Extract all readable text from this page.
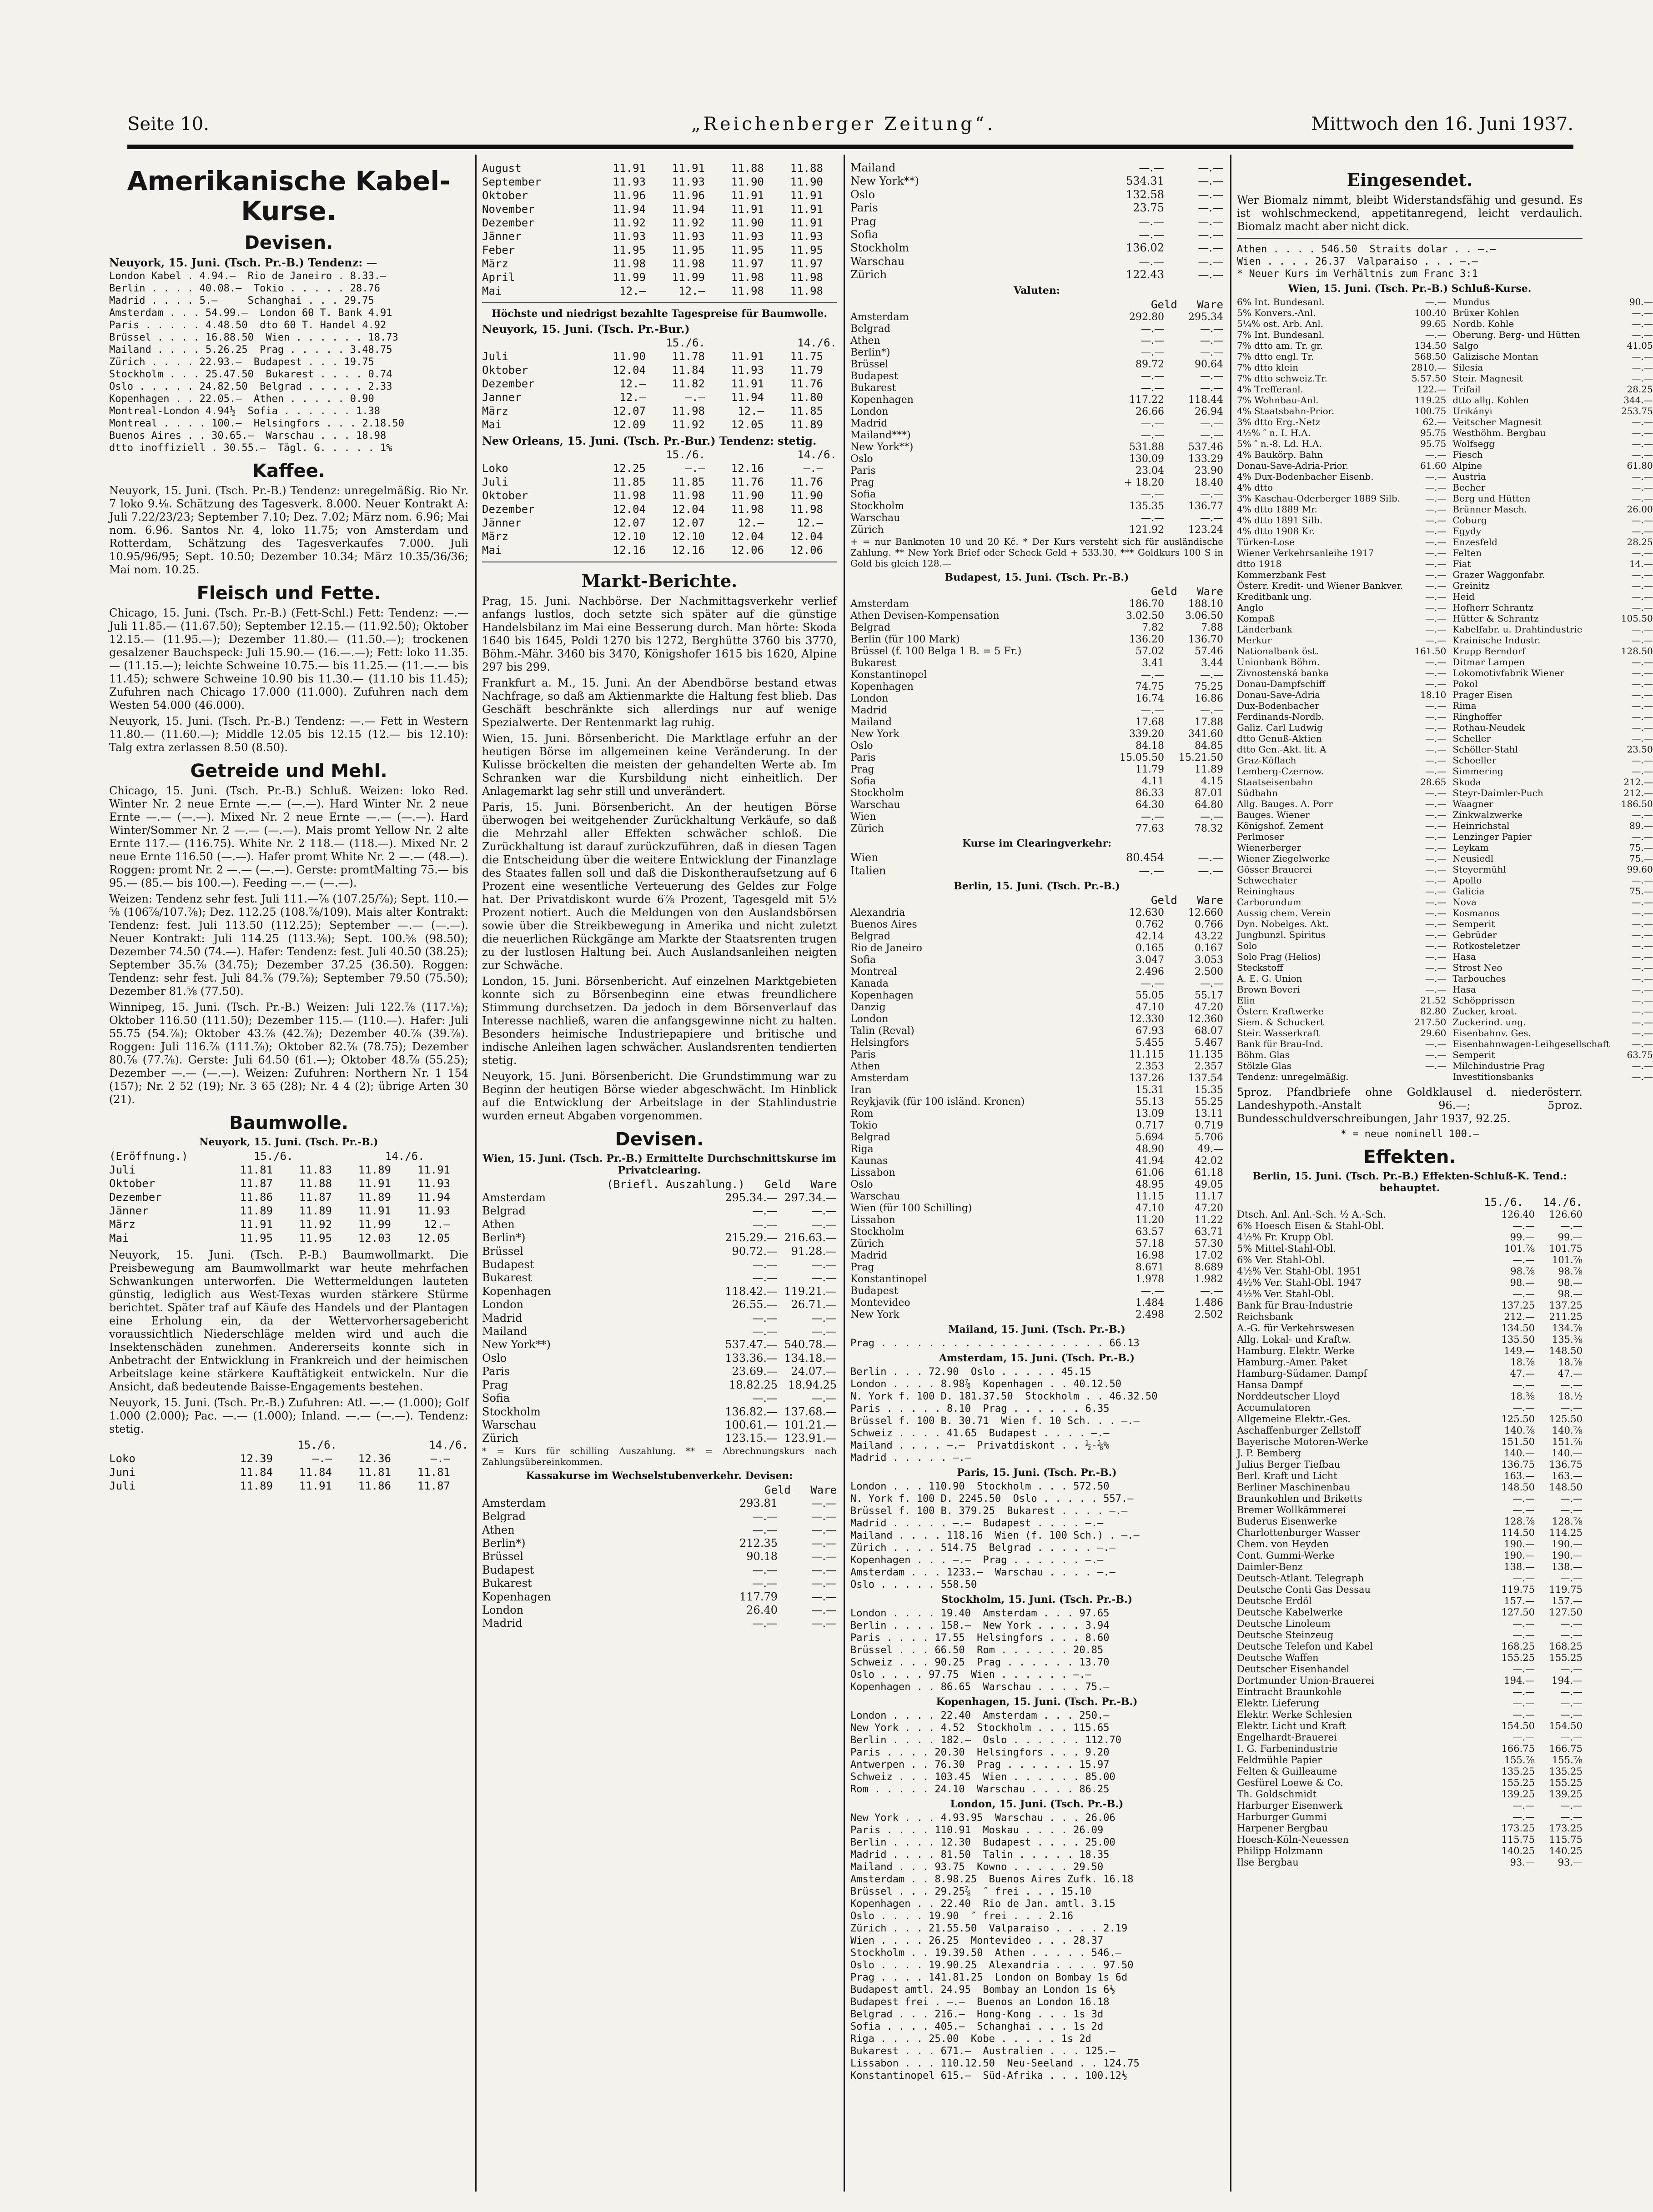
Seite 10.	„Reichenberger Zeitung“.	Mittwoch den 16. Juni 1937.
Amerikanische Kabel-Kurse.
Devisen.
Neuyork, 15. Juni. (Tsch. Pr.-B.) Tendenz: —
London Kabel . 4.94.—  Rio de Janeiro . 8.33.—
Berlin . . . . 40.08.—  Tokio . . . . . 28.76
Madrid . . . . 5.—     Schanghai . . . 29.75
Amsterdam . . . 54.99.—  London 60 T. Bank 4.91
Paris . . . . . 4.48.50  dto 60 T. Handel 4.92
Brüssel . . . . 16.88.50  Wien . . . . . . 18.73
Mailand . . . . 5.26.25  Prag . . . . . 3.48.75
Zürich . . . . 22.93.—  Budapest . . . 19.75
Stockholm . . . 25.47.50  Bukarest . . . . 0.74
Oslo . . . . . 24.82.50  Belgrad . . . . . 2.33
Kopenhagen . . 22.05.—  Athen . . . . . 0.90
Montreal-London 4.94½  Sofia . . . . . . 1.38
Montreal . . . . 100.—  Helsingfors . . . 2.18.50
Buenos Aires . . 30.65.—  Warschau . . . 18.98
dtto inoffiziell . 30.55.—  Tägl. G. . . . . 1%
Kaffee.

Neuyork, 15. Juni. (Tsch. Pr.-B.) Tendenz: unregelmäßig. Rio Nr. 7 loko 9.⅛. Schätzung des Tagesverk. 8.000. Neuer Kontrakt A: Juli 7.22/23/23; September 7.10; Dez. 7.02; März nom. 6.96; Mai nom. 6.96. Santos Nr. 4, loko 11.75; von Amsterdam und Rotterdam, Schätzung des Tagesverkaufes 7.000. Juli 10.95/96/95; Sept. 10.50; Dezember 10.34; März 10.35/36/36; Mai nom. 10.25.

Fleisch und Fette.

Chicago, 15. Juni. (Tsch. Pr.-B.) (Fett-Schl.) Fett: Tendenz: —.— Juli 11.85.— (11.67.50); September 12.15.— (11.92.50); Oktober 12.15.— (11.95.—); Dezember 11.80.— (11.50.—); trockenen gesalzener Bauchspeck: Juli 15.90.— (16.—.—); Fett: loko 11.35.— (11.15.—); leichte Schweine 10.75.— bis 11.25.— (11.—.— bis 11.45); schwere Schweine 10.90 bis 11.30.— (11.10 bis 11.45); Zufuhren nach Chicago 17.000 (11.000). Zufuhren nach dem Westen 54.000 (46.000).

Neuyork, 15. Juni. (Tsch. Pr.-B.) Tendenz: —.— Fett in Western 11.80.— (11.60.—); Middle 12.05 bis 12.15 (12.— bis 12.10): Talg extra zerlassen 8.50 (8.50).

Getreide und Mehl.

Chicago, 15. Juni. (Tsch. Pr.-B.) Schluß. Weizen: loko Red. Winter Nr. 2 neue Ernte —.— (—.—). Hard Winter Nr. 2 neue Ernte —.— (—.—). Mixed Nr. 2 neue Ernte —.— (—.—). Hard Winter/Sommer Nr. 2 —.— (—.—). Mais promt Yellow Nr. 2 alte Ernte 117.— (116.75). White Nr. 2 118.— (118.—). Mixed Nr. 2 neue Ernte 116.50 (—.—). Hafer promt White Nr. 2 —.— (48.—). Roggen: promt Nr. 2 —.— (—.—). Gerste: promtMalting 75.— bis 95.— (85.— bis 100.—). Feeding —.— (—.—).

Weizen: Tendenz sehr fest. Juli 111.—⅞ (107.25/⅞); Sept. 110.—⅝ (106⅞/107.⅞); Dez. 112.25 (108.⅞/109). Mais alter Kontrakt: Tendenz: fest. Juli 113.50 (112.25); September —.— (—.—). Neuer Kontrakt: Juli 114.25 (113.⅜); Sept. 100.⅝ (98.50); Dezember 74.50 (74.—). Hafer: Tendenz: fest. Juli 40.50 (38.25); September 35.⅞ (34.75); Dezember 37.25 (36.50). Roggen: Tendenz: sehr fest. Juli 84.⅞ (79.⅞); September 79.50 (75.50); Dezember 81.⅝ (77.50).

Winnipeg, 15. Juni. (Tsch. Pr.-B.) Weizen: Juli 122.⅞ (117.⅛); Oktober 116.50 (111.50); Dezember 115.— (110.—). Hafer: Juli 55.75 (54.⅞); Oktober 43.⅞ (42.⅞); Dezember 40.⅞ (39.⅞). Roggen: Juli 116.⅞ (111.⅞); Oktober 82.⅞ (78.75); Dezember 80.⅞ (77.⅞). Gerste: Juli 64.50 (61.—); Oktober 48.⅞ (55.25); Dezember —.— (—.—). Weizen: Zufuhren: Northern Nr. 1 154 (157); Nr. 2 52 (19); Nr. 3 65 (28); Nr. 4 4 (2); übrige Arten 30 (21).

Baumwolle.
Neuyork, 15. Juni. (Tsch. Pr.-B.)
(Eröffnung.)          15./6.              14./6.
Juli	11.81	11.83	11.89	11.91
Oktober	11.87	11.88	11.91	11.93
Dezember	11.86	11.87	11.89	11.94
Jänner	11.89	11.89	11.91	11.93
März	11.91	11.92	11.99	12.—
Mai	11.95	11.95	12.03	12.05

Neuyork, 15. Juni. (Tsch. P.-B.) Baumwollmarkt. Die Preisbewegung am Baumwollmarkt war heute mehrfachen Schwankungen unterworfen. Die Wettermeldungen lauteten günstig, lediglich aus West-Texas wurden stärkere Stürme berichtet. Später traf auf Käufe des Handels und der Plantagen eine Erholung ein, da der Wettervorhersagebericht voraussichtlich Niederschläge melden wird und auch die Insektenschäden zunehmen. Andererseits konnte sich in Anbetracht der Entwicklung in Frankreich und der heimischen Arbeitslage keine stärkere Kauftätigkeit entwickeln. Nur die Ansicht, daß bedeutende Baisse-Engagements bestehen.

Neuyork, 15. Juni. (Tsch. Pr.-B.) Zufuhren: Atl. —.— (1.000); Golf 1.000 (2.000); Pac. —.— (1.000); Inland. —.— (—.—). Tendenz: stetig.

15./6.              14./6.
Loko	12.39	—.—	12.36	—.—
Juni	11.84	11.84	11.81	11.81
Juli	11.89	11.91	11.86	11.87
August	11.91	11.91	11.88	11.88
September	11.93	11.93	11.90	11.90
Oktober	11.96	11.96	11.91	11.91
November	11.94	11.94	11.91	11.91
Dezember	11.92	11.92	11.90	11.91
Jänner	11.93	11.93	11.93	11.93
Feber	11.95	11.95	11.95	11.95
März	11.98	11.98	11.97	11.97
April	11.99	11.99	11.98	11.98
Mai	12.—	12.—	11.98	11.98
Höchste und niedrigst bezahlte Tagespreise für Baumwolle.
Neuyork, 15. Juni. (Tsch. Pr.-Bur.)
15./6.              14./6.
Juli	11.90	11.78	11.91	11.75
Oktober	12.04	11.84	11.93	11.79
Dezember	12.—	11.82	11.91	11.76
Janner	12.—	—.—	11.94	11.80
März	12.07	11.98	12.—	11.85
Mai	12.09	11.92	12.05	11.89
New Orleans, 15. Juni. (Tsch. Pr.-Bur.) Tendenz: stetig.
15./6.              14./6.
Loko	12.25	—.—	12.16	—.—
Juli	11.85	11.85	11.76	11.76
Oktober	11.98	11.98	11.90	11.90
Dezember	12.04	12.04	11.98	11.98
Jänner	12.07	12.07	12.—	12.—
März	12.10	12.10	12.04	12.04
Mai	12.16	12.16	12.06	12.06
Markt-Berichte.

Prag, 15. Juni. Nachbörse. Der Nachmittagsverkehr verlief anfangs lustlos, doch setzte sich später auf die günstige Handelsbilanz im Mai eine Besserung durch. Man hörte: Skoda 1640 bis 1645, Poldi 1270 bis 1272, Berghütte 3760 bis 3770, Böhm.-Mähr. 3460 bis 3470, Königshofer 1615 bis 1620, Alpine 297 bis 299.

Frankfurt a. M., 15. Juni. An der Abendbörse bestand etwas Nachfrage, so daß am Aktienmarkte die Haltung fest blieb. Das Geschäft beschränkte sich allerdings nur auf wenige Spezialwerte. Der Rentenmarkt lag ruhig.

Wien, 15. Juni. Börsenbericht. Die Marktlage erfuhr an der heutigen Börse im allgemeinen keine Veränderung. In der Kulisse bröckelten die meisten der gehandelten Werte ab. Im Schranken war die Kursbildung nicht einheitlich. Der Anlagemarkt lag sehr still und unverändert.

Paris, 15. Juni. Börsenbericht. An der heutigen Börse überwogen bei weitgehender Zurückhaltung Verkäufe, so daß die Mehrzahl aller Effekten schwächer schloß. Die Zurückhaltung ist darauf zurückzuführen, daß in diesen Tagen die Entscheidung über die weitere Entwicklung der Finanzlage des Staates fallen soll und daß die Diskontheraufsetzung auf 6 Prozent eine wesentliche Verteuerung des Geldes zur Folge hat. Der Privatdiskont wurde 6⅞ Prozent, Tagesgeld mit 5½ Prozent notiert. Auch die Meldungen von den Auslandsbörsen sowie über die Streikbewegung in Amerika und nicht zuletzt die neuerlichen Rückgänge am Markte der Staatsrenten trugen zu der lustlosen Haltung bei. Auch Auslandsanleihen neigten zur Schwäche.

London, 15. Juni. Börsenbericht. Auf einzelnen Marktgebieten konnte sich zu Börsenbeginn eine etwas freundlichere Stimmung durchsetzen. Da jedoch in dem Börsenverlauf das Interesse nachließ, waren die anfangsgewinne nicht zu halten. Besonders heimische Industriepapiere und britische und indische Anleihen lagen schwächer. Auslandsrenten tendierten stetig.

Neuyork, 15. Juni. Börsenbericht. Die Grundstimmung war zu Beginn der heutigen Börse wieder abgeschwächt. Im Hinblick auf die Entwicklung der Arbeitslage in der Stahlindustrie wurden erneut Abgaben vorgenommen.

Devisen.
Wien, 15. Juni. (Tsch. Pr.-B.) Ermittelte Durchschnittskurse im Privatclearing.
(Briefl. Auszahlung.)   Geld   Ware
Amsterdam	295.34.— 297.34.—
Belgrad	—.—	—.—
Athen	—.—	—.—
Berlin*)	215.29.— 216.63.—
Brüssel	90.72.—	91.28.—
Budapest	—.—	—.—
Bukarest	—.—	—.—
Kopenhagen	118.42.— 119.21.—
London	26.55.—	26.71.—
Madrid	—.—	—.—
Mailand	—.—	—.—
New York**)	537.47.— 540.78.—
Oslo	133.36.— 134.18.—
Paris	23.69.—	24.07.—
Prag	18.82.25 18.94.25
Sofia	—.—	—.—
Stockholm	136.82.— 137.68.—
Warschau	100.61.— 101.21.—
Zürich	123.15.— 123.91.—

* = Kurs für schilling Auszahlung. ** = Abrechnungskurs nach Zahlungsübereinkommen.

Kassakurse im Wechselstubenverkehr. Devisen:
Geld   Ware
Amsterdam	293.81	—.—
Belgrad	—.—	—.—
Athen	—.—	—.—
Berlin*)	212.35	—.—
Brüssel	90.18	—.—
Budapest	—.—	—.—
Bukarest	—.—	—.—
Kopenhagen	117.79	—.—
London	26.40	—.—
Madrid	—.—	—.—
Mailand	—.—	—.—
New York**)	534.31	—.—
Oslo	132.58	—.—
Paris	23.75	—.—
Prag	—.—	—.—
Sofia	—.—	—.—
Stockholm	136.02	—.—
Warschau	—.—	—.—
Zürich	122.43	—.—
Valuten:
Geld   Ware
Amsterdam	292.80	295.34
Belgrad	—.—	—.—
Athen	—.—	—.—
Berlin*)	—.—	—.—
Brüssel	89.72	90.64
Budapest	—.—	—.—
Bukarest	—.—	—.—
Kopenhagen	117.22	118.44
London	26.66	26.94
Madrid	—.—	—.—
Mailand***)	—.—	—.—
New York**)	531.88	537.46
Oslo	130.09	133.29
Paris	23.04	23.90
Prag	+ 18.20	18.40
Sofia	—.—	—.—
Stockholm	135.35	136.77
Warschau	—.—	—.—
Zürich	121.92	123.24

+ = nur Banknoten 10 und 20 Kč. * Der Kurs versteht sich für ausländische Zahlung. ** New York Brief oder Scheck Geld + 533.30. *** Goldkurs 100 S in Gold bis gleich 128.—

Budapest, 15. Juni. (Tsch. Pr.-B.)
Geld   Ware
Amsterdam	186.70	188.10
Athen Devisen-Kompensation	3.02.50	3.06.50
Belgrad	7.82	7.88
Berlin (für 100 Mark)	136.20	136.70
Brüssel (f. 100 Belga 1 B. = 5 Fr.)	57.02	57.46
Bukarest	3.41	3.44
Konstantinopel	—.—	—.—
Kopenhagen	74.75	75.25
London	16.74	16.86
Madrid	—.—	—.—
Mailand	17.68	17.88
New York	339.20	341.60
Oslo	84.18	84.85
Paris	15.05.50	15.21.50
Prag	11.79	11.89
Sofia	4.11	4.15
Stockholm	86.33	87.01
Warschau	64.30	64.80
Wien	—.—	—.—
Zürich	77.63	78.32
Kurse im Clearingverkehr:
Wien	80.454	—.—
Italien	—.—	—.—
Berlin, 15. Juni. (Tsch. Pr.-B.)
Geld   Ware
Alexandria	12.630	12.660
Buenos Aires	0.762	0.766
Belgrad	42.14	43.22
Rio de Janeiro	0.165	0.167
Sofia	3.047	3.053
Montreal	2.496	2.500
Kanada	—.—	—.—
Kopenhagen	55.05	55.17
Danzig	47.10	47.20
London	12.330	12.360
Talin (Reval)	67.93	68.07
Helsingfors	5.455	5.467
Paris	11.115	11.135
Athen	2.353	2.357
Amsterdam	137.26	137.54
Iran	15.31	15.35
Reykjavik (für 100 isländ. Kronen)	55.13	55.25
Rom	13.09	13.11
Tokio	0.717	0.719
Belgrad	5.694	5.706
Riga	48.90	49.—
Kaunas	41.94	42.02
Lissabon	61.06	61.18
Oslo	48.95	49.05
Warschau	11.15	11.17
Wien (für 100 Schilling)	47.10	47.20
Lissabon	11.20	11.22
Stockholm	63.57	63.71
Zürich	57.18	57.30
Madrid	16.98	17.02
Prag	8.671	8.689
Konstantinopel	1.978	1.982
Budapest	—.—	—.—
Montevideo	1.484	1.486
New York	2.498	2.502
Mailand, 15. Juni. (Tsch. Pr.-B.)
Prag . . . . . . . . . . . . . . . . . . . 66.13
Amsterdam, 15. Juni. (Tsch. Pr.-B.)
Berlin . . . 72.90  Oslo . . . . . 45.15
London . . . . 8.98⅞  Kopenhagen . . 40.12.50
N. York f. 100 D. 181.37.50  Stockholm . . 46.32.50
Paris . . . . . 8.10  Prag . . . . . . 6.35
Brüssel f. 100 B. 30.71  Wien f. 10 Sch. . . —.—
Schweiz . . . . 41.65  Budapest . . . . —.—
Mailand . . . . —.—  Privatdiskont . . ½-⅝%
Madrid . . . . . —.—
Paris, 15. Juni. (Tsch. Pr.-B.)
London . . . 110.90  Stockholm . . . 572.50
N. York f. 100 D. 2245.50  Oslo . . . . . 557.—
Brüssel f. 100 B. 379.25  Bukarest . . . . —.—
Madrid . . . . . —.—  Budapest . . . . —.—
Mailand . . . . 118.16  Wien (f. 100 Sch.) . —.—
Zürich . . . . 514.75  Belgrad . . . . . —.—
Kopenhagen . . . —.—  Prag . . . . . . —.—
Amsterdam . . . 1233.—  Warschau . . . . —.—
Oslo . . . . . 558.50
Stockholm, 15. Juni. (Tsch. Pr.-B.)
London . . . . 19.40  Amsterdam . . . 97.65
Berlin . . . . 158.—  New York . . . . 3.94
Paris . . . . 17.55  Helsingfors . . . 8.60
Brüssel . . . 66.50  Rom . . . . . . 20.85
Schweiz . . . 90.25  Prag . . . . . . 13.70
Oslo . . . . 97.75  Wien . . . . . . —.—
Kopenhagen . . 86.65  Warschau . . . . 75.—
Kopenhagen, 15. Juni. (Tsch. Pr.-B.)
London . . . . 22.40  Amsterdam . . . 250.—
New York . . . 4.52  Stockholm . . . 115.65
Berlin . . . . 182.—  Oslo . . . . . . 112.70
Paris . . . . 20.30  Helsingfors . . . 9.20
Antwerpen . . 76.30  Prag . . . . . . 15.97
Schweiz . . . 103.45  Wien . . . . . . 85.00
Rom . . . . . 24.10  Warschau . . . . 86.25
London, 15. Juni. (Tsch. Pr.-B.)
New York . . . 4.93.95  Warschau . . . 26.06
Paris . . . . 110.91  Moskau . . . . 26.09
Berlin . . . . 12.30  Budapest . . . . 25.00
Madrid . . . . 81.50  Talin . . . . . 18.35
Mailand . . . 93.75  Kowno . . . . . 29.50
Amsterdam . . 8.98.25  Buenos Aires Zufk. 16.18
Brüssel . . . 29.25⅞  ″ frei . . . 15.10
Kopenhagen . . 22.40  Rio de Jan. amtl. 3.15
Oslo . . . . 19.90  ″ frei . . . 2.16
Zürich . . . 21.55.50  Valparaiso . . . . 2.19
Wien . . . . 26.25  Montevideo . . . 28.37
Stockholm . . 19.39.50  Athen . . . . . 546.—
Oslo . . . . 19.90.25  Alexandria . . . . 97.50
Prag . . . . 141.81.25  London on Bombay 1s 6d
Budapest amtl. 24.95  Bombay an London 1s 6½
Budapest frei . —.—  Buenos an London 16.18
Belgrad . . . 216.—  Hong-Kong . . . 1s 3d
Sofia . . . . 405.—  Schanghai . . . 1s 2d
Riga . . . . 25.00  Kobe . . . . . 1s 2d
Bukarest . . . 671.—  Australien . . . 125.—
Lissabon . . . 110.12.50  Neu-Seeland . . 124.75
Konstantinopel 615.—  Süd-Afrika . . . 100.12½
Eingesendet.

Wer Biomalz nimmt, bleibt Widerstandsfähig und gesund. Es ist wohlschmeckend, appetitanregend, leicht verdaulich. Biomalz macht aber nicht dick.

Athen . . . . 546.50  Straits dolar . . —.—
Wien . . . . 26.37  Valparaiso . . . —.—
* Neuer Kurs im Verhältnis zum Franc 3:1
Wien, 15. Juni. (Tsch. Pr.-B.) Schluß-Kurse.
6% Int. Bundesanl.	—.—
5% Konvers.-Anl.	100.40
5¼% ost. Arb. Anl.	99.65
7% Int. Bundesanl.	—.—
7% dtto am. Tr. gr.	134.50
7% dtto engl. Tr.	568.50
7% dtto klein	2810.—
7% dtto schweiz.Tr.	5.57.50
4% Trefferanl.	122.—
7% Wohnbau-Anl.	119.25
4% Staatsbahn-Prior.	100.75
3% dtto Erg.-Netz	62.—
4½% ″ n. I. H.A.	95.75
5% ″ n.-8. Ld. H.A.	95.75
4% Baukörp. Bahn	—.—
Donau-Save-Adria-Prior.	61.60
4% Dux-Bodenbacher Eisenb.	—.—
4% dtto	—.—
3% Kaschau-Oderberger 1889 Silb.	—.—
4% dtto 1889 Mr.	—.—
4% dtto 1891 Silb.	—.—
4% dtto 1908 Kr.	—.—
Türken-Lose	—.—
Wiener Verkehrsanleihe 1917	—.—
dtto 1918	—.—
Kommerzbank Fest	—.—
Österr. Kredit- und Wiener Bankver.	—.—
Kreditbank ung.	—.—
Anglo	—.—
Kompaß	—.—
Länderbank	—.—
Merkur	—.—
Nationalbank öst.	161.50
Unionbank Böhm.	—.—
Zivnostenská banka	—.—
Donau-Dampfschiff	—.—
Donau-Save-Adria	18.10
Dux-Bodenbacher	—.—
Ferdinands-Nordb.	—.—
Galiz. Carl Ludwig	—.—
dtto Genuß-Aktien	—.—
dtto Gen.-Akt. lit. A	—.—
Graz-Köflach	—.—
Lemberg-Czernow.	—.—
Staatseisenbahn	28.65
Südbahn	—.—
Allg. Bauges. A. Porr	—.—
Bauges. Wiener	—.—
Königshof. Zement	—.—
Perlmoser	—.—
Wienerberger	—.—
Wiener Ziegelwerke	—.—
Gösser Brauerei	—.—
Schwechater	—.—
Reininghaus	—.—
Carborundum	—.—
Aussig chem. Verein	—.—
Dyn. Nobelges. Akt.	—.—
Jungbunzl. Spiritus	—.—
Solo	—.—
Solo Prag (Helios)	—.—
Steckstoff	—.—
A. E. G. Union	—.—
Brown Boveri	—.—
Elin	21.52
Österr. Kraftwerke	82.80
Siem. & Schuckert	217.50
Steir. Wasserkraft	29.60
Bank für Brau-Ind.	—.—
Böhm. Glas	—.—
Stölzle Glas	—.—
Tendenz: unregelmäßig.
Mundus	90.—
Brüxer Kohlen	—.—
Nordb. Kohle	—.—
Oberung. Berg- und Hütten	—.—
Salgo	41.05
Galizische Montan	—.—
Silesia	—.—
Steir. Magnesit	—.—
Trifail	28.25
dtto allg. Kohlen	344.—
Urikányi	253.75
Veitscher Magnesit	—.—
Westböhm. Bergbau	—.—
Wolfsegg	—.—
Fiesch	—.—
Alpine	61.80
Austria	—.—
Becher	—.—
Berg und Hütten	—.—
Brünner Masch.	26.00
Coburg	—.—
Egydy	—.—
Enzesfeld	28.25
Felten	—.—
Fiat	14.—
Grazer Waggonfabr.	—.—
Greinitz	—.—
Heid	—.—
Hofherr Schrantz	—.—
Hütter & Schrantz	105.50
Kabelfabr. u. Drahtindustrie	—.—
Krainische Industr.	—.—
Krupp Berndorf	128.50
Ditmar Lampen	—.—
Lokomotivfabrik Wiener	—.—
Pokol	—.—
Prager Eisen	—.—
Rima	—.—
Ringhoffer	—.—
Rothau-Neudek	—.—
Scheller	—.—
Schöller-Stahl	23.50
Schoeller	—.—
Simmering	—.—
Skoda	212.—
Steyr-Daimler-Puch	212.—
Waagner	186.50
Zinkwalzwerke	—.—
Heinrichstal	89.—
Lenzinger Papier	—.—
Leykam	75.—
Neusiedl	75.—
Steyermühl	99.60
Apollo	—.—
Galicia	75.—
Nova	—.—
Kosmanos	—.—
Semperit	—.—
Gebrüder	—.—
Rotkosteletzer	—.—
Hasa	—.—
Strost Neo	—.—
Tarbouches	—.—
Hasa	—.—
Schöpprissen	—.—
Zucker, kroat.	—.—
Zuckerind. ung.	—.—
Eisenbahnv. Ges.	—.—
Eisenbahnwagen-Leihgesellschaft	—.—
Semperit	63.75
Milchindustrie Prag	—.—
Investitionsbanks	—.—

5proz. Pfandbriefe ohne Goldklausel d. niederösterr. Landeshypoth.-Anstalt 96.—; 5proz. Bundesschuldverschreibungen, Jahr 1937, 92.25.

* = neue nominell 100.—
Effekten.
Berlin, 15. Juni. (Tsch. Pr.-B.) Effekten-Schluß-K. Tend.: behauptet.
15./6.   14./6.
Dtsch. Anl. Anl.-Sch. ½ A.-Sch.	126.40	126.60
6% Hoesch Eisen & Stahl-Obl.	—.—	—.—
4½% Fr. Krupp Obl.	99.—	99.—
5% Mittel-Stahl-Obl.	101.⅞	101.75
6% Ver. Stahl-Obl.	—.—	101.⅞
4½% Ver. Stahl-Obl. 1951	98.⅞	98.⅞
4½% Ver. Stahl-Obl. 1947	98.—	98.—
4½% Ver. Stahl-Obl.	—.—	98.—
Bank für Brau-Industrie	137.25	137.25
Reichsbank	212.—	211.25
A.-G. für Verkehrswesen	134.50	134.⅞
Allg. Lokal- und Kraftw.	135.50	135.⅜
Hamburg. Elektr. Werke	149.—	148.50
Hamburg.-Amer. Paket	18.⅞	18.⅞
Hamburg-Südamer. Dampf	47.—	47.—
Hansa Dampf	—.—	—.—
Norddeutscher Lloyd	18.⅜	18.½
Accumulatoren	—.—	—.—
Allgemeine Elektr.-Ges.	125.50	125.50
Aschaffenburger Zellstoff	140.⅞	140.⅞
Bayerische Motoren-Werke	151.50	151.⅞
J. P. Bemberg	140.—	140.—
Julius Berger Tiefbau	136.75	136.75
Berl. Kraft und Licht	163.—	163.—
Berliner Maschinenbau	148.50	148.50
Braunkohlen und Briketts	—.—	—.—
Bremer Wollkämmerei	—.—	—.—
Buderus Eisenwerke	128.⅞	128.⅞
Charlottenburger Wasser	114.50	114.25
Chem. von Heyden	190.—	190.—
Cont. Gummi-Werke	190.—	190.—
Daimler-Benz	138.—	138.—
Deutsch-Atlant. Telegraph	—.—	—.—
Deutsche Conti Gas Dessau	119.75	119.75
Deutsche Erdöl	157.—	157.—
Deutsche Kabelwerke	127.50	127.50
Deutsche Linoleum	—.—	—.—
Deutsche Steinzeug	—.—	—.—
Deutsche Telefon und Kabel	168.25	168.25
Deutsche Waffen	155.25	155.25
Deutscher Eisenhandel	—.—	—.—
Dortmunder Union-Brauerei	194.—	194.—
Eintracht Braunkohle	—.—	—.—
Elektr. Lieferung	—.—	—.—
Elektr. Werke Schlesien	—.—	—.—
Elektr. Licht und Kraft	154.50	154.50
Engelhardt-Brauerei	—.—	—.—
I. G. Farbenindustrie	166.75	166.75
Feldmühle Papier	155.⅞	155.⅞
Felten & Guilleaume	135.25	135.25
Gesfürel Loewe & Co.	155.25	155.25
Th. Goldschmidt	139.25	139.25
Harburger Eisenwerk	—.—	—.—
Harburger Gummi	—.—	—.—
Harpener Bergbau	173.25	173.25
Hoesch-Köln-Neuessen	115.75	115.75
Philipp Holzmann	140.25	140.25
Ilse Bergbau	93.—	93.—
